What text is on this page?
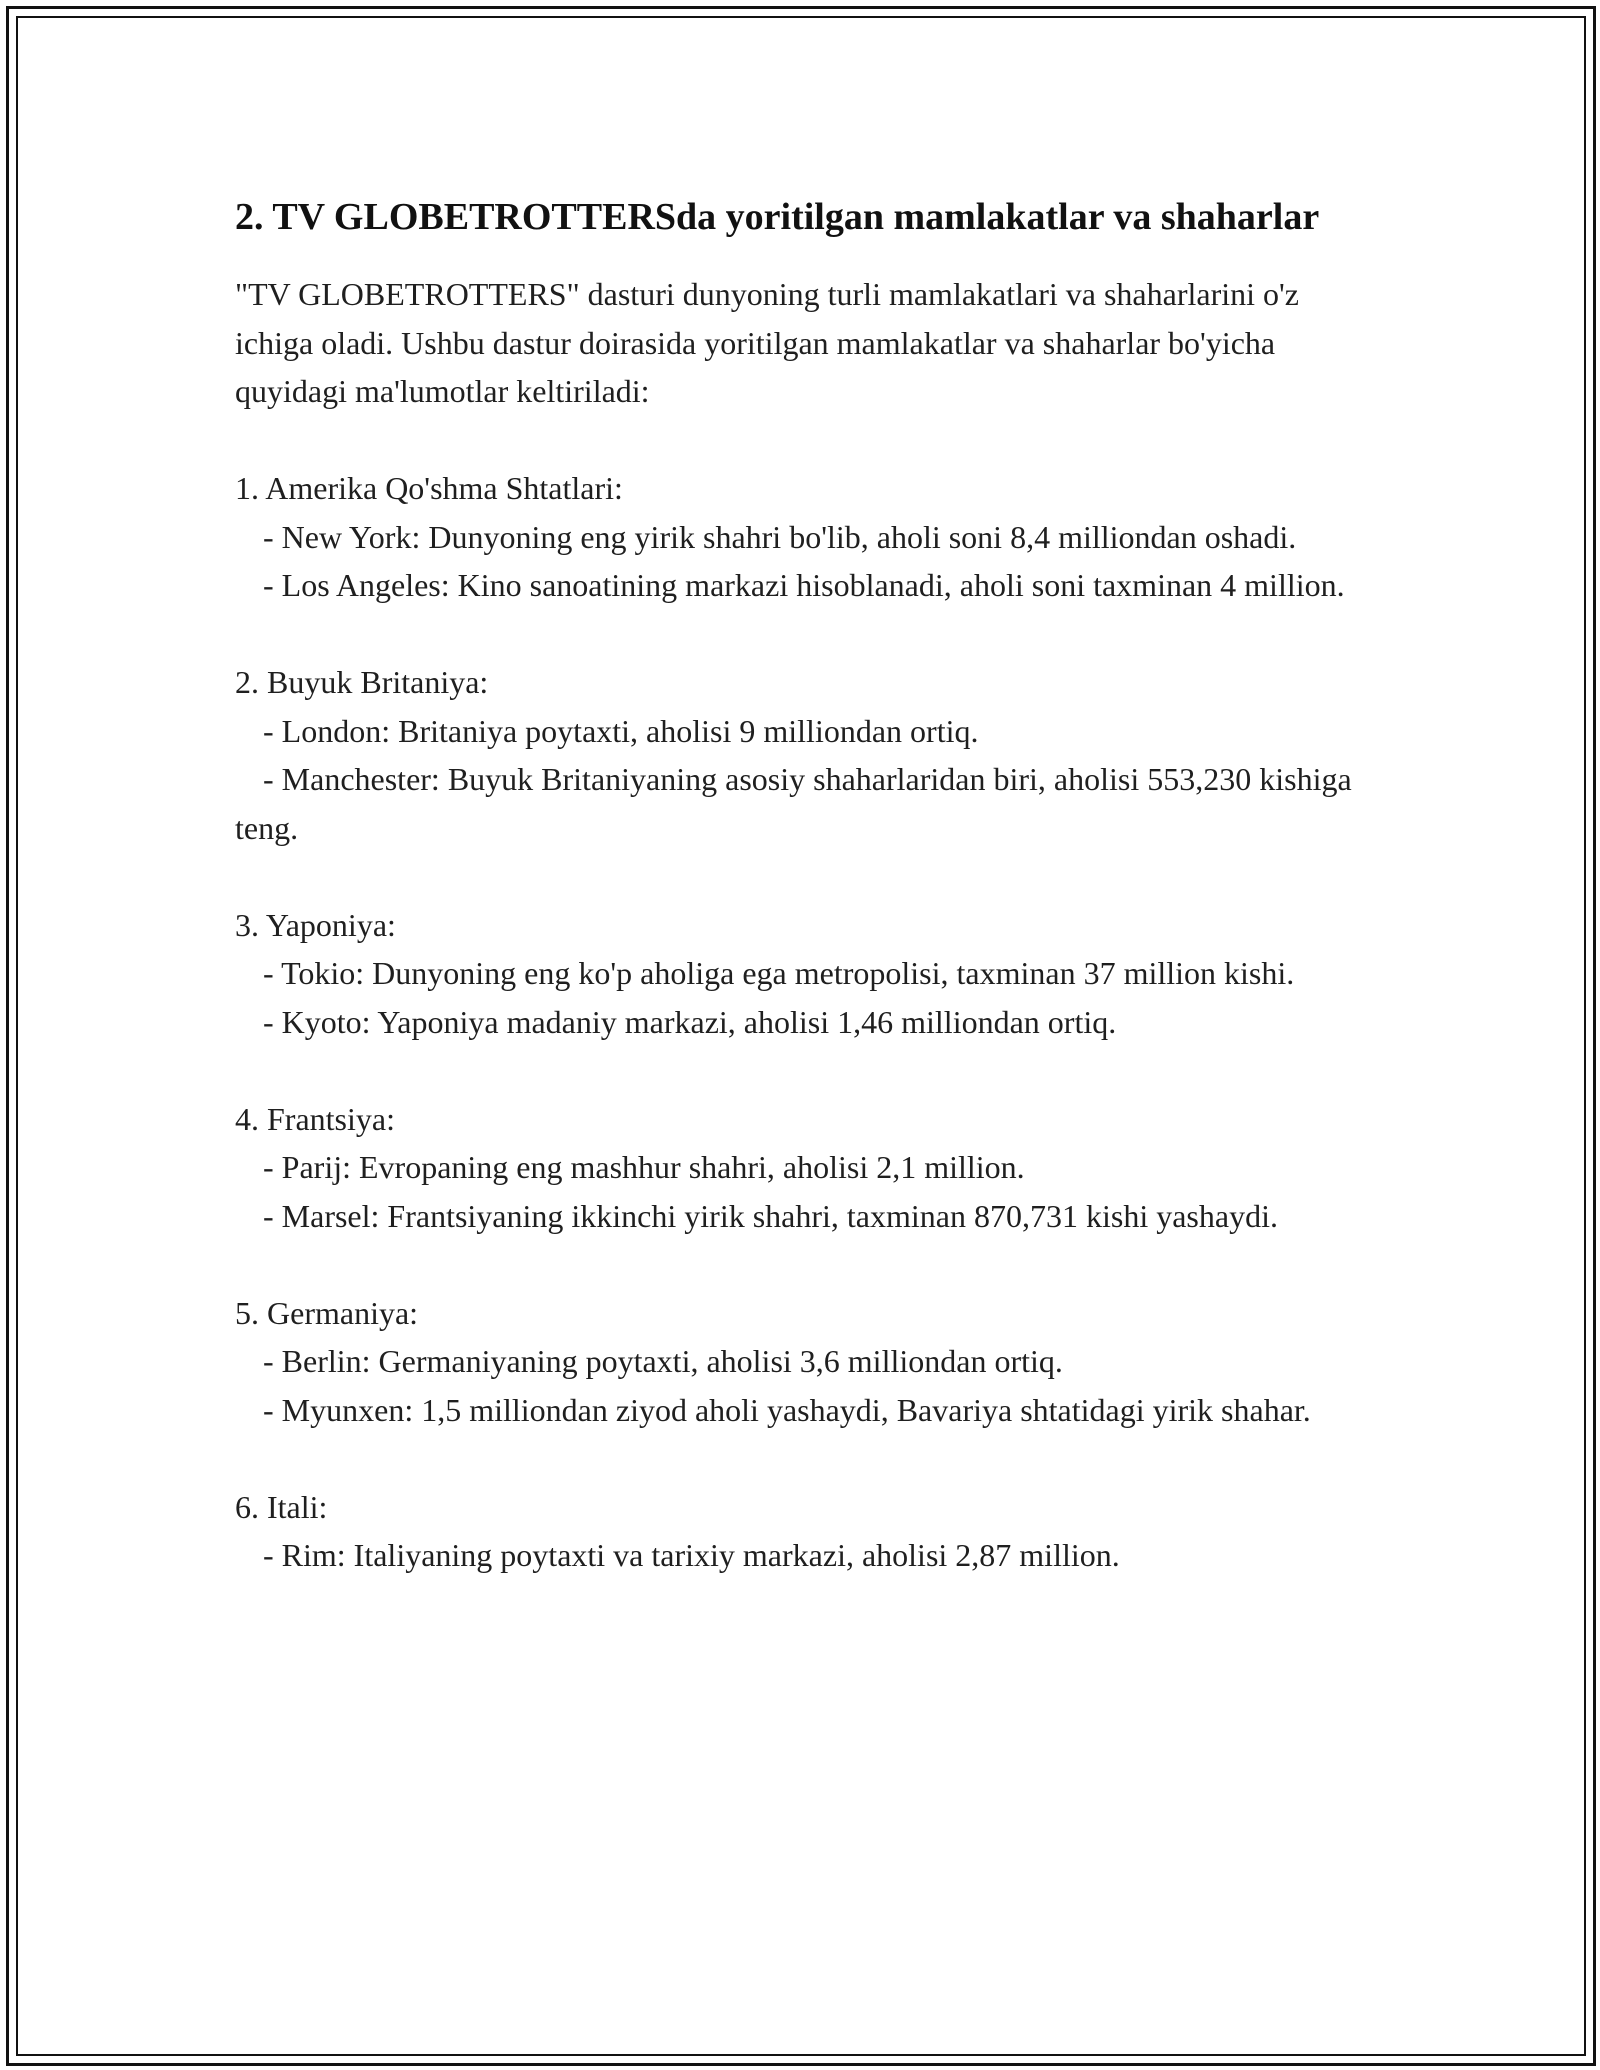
2. TV GLOBETROTTERSda yoritilgan mamlakatlar va shaharlar

"TV GLOBETROTTERS" dasturi dunyoning turli mamlakatlari va shaharlarini o'z ichiga oladi. Ushbu dastur doirasida yoritilgan mamlakatlar va shaharlar bo'yicha quyidagi ma'lumotlar keltiriladi:

1. Amerika Qo'shma Shtatlari:

- New York: Dunyoning eng yirik shahri bo'lib, aholi soni 8,4 milliondan oshadi.

- Los Angeles: Kino sanoatining markazi hisoblanadi, aholi soni taxminan 4 million.

2. Buyuk Britaniya:

- London: Britaniya poytaxti, aholisi 9 milliondan ortiq.

- Manchester: Buyuk Britaniyaning asosiy shaharlaridan biri, aholisi 553,230 kishiga teng.

3. Yaponiya:

- Tokio: Dunyoning eng ko'p aholiga ega metropolisi, taxminan 37 million kishi.

- Kyoto: Yaponiya madaniy markazi, aholisi 1,46 milliondan ortiq.

4. Frantsiya:

- Parij: Evropaning eng mashhur shahri, aholisi 2,1 million.

- Marsel: Frantsiyaning ikkinchi yirik shahri, taxminan 870,731 kishi yashaydi.

5. Germaniya:

- Berlin: Germaniyaning poytaxti, aholisi 3,6 milliondan ortiq.

- Myunxen: 1,5 milliondan ziyod aholi yashaydi, Bavariya shtatidagi yirik shahar.

6. Itali:

- Rim: Italiyaning poytaxti va tarixiy markazi, aholisi 2,87 million.
